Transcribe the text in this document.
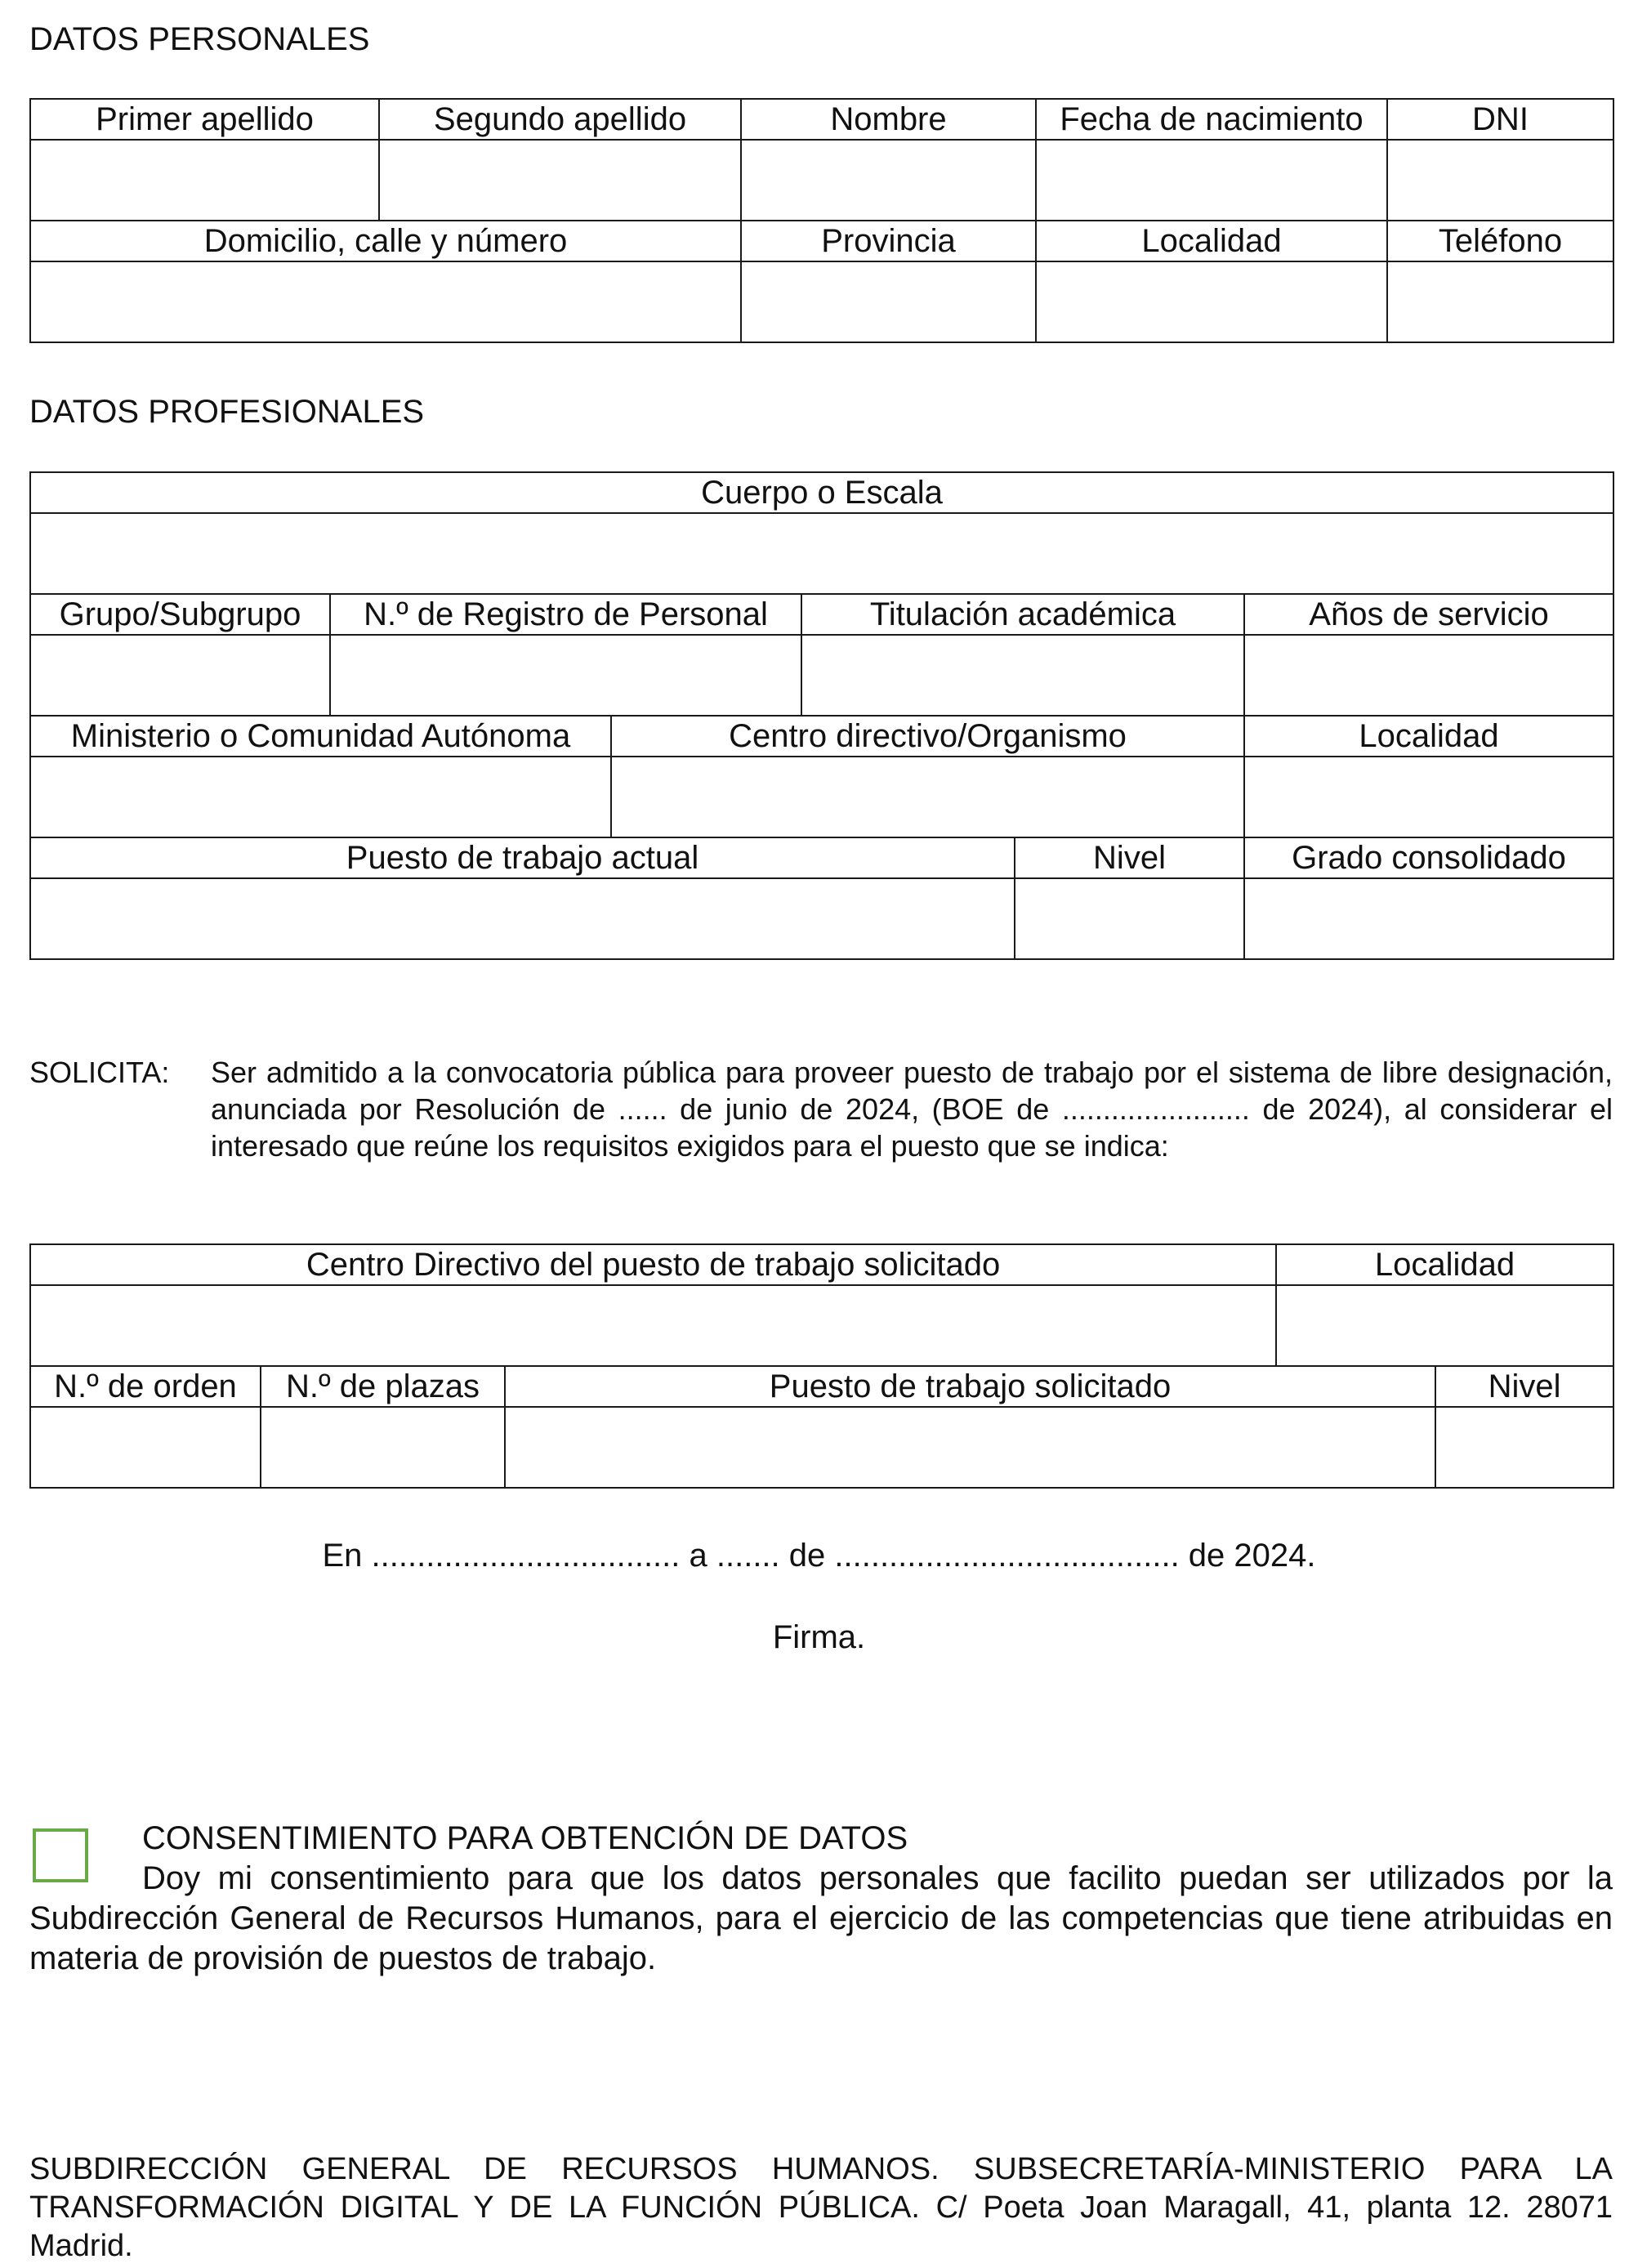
DATOS PERSONALES
Primer apellido	Segundo apellido	Nombre	Fecha de nacimiento	DNI

Domicilio, calle y número		Provincia	Localidad	Teléfono

DATOS PROFESIONALES
Cuerpo o Escala					

Grupo/Subgrupo	N.º de Registro de Personal		Titulación académica		Años de servicio

Ministerio o Comunidad Autónoma		Centro directivo/Organismo			Localidad

Puesto de trabajo actual				Nivel	Grado consolidado

SOLICITA: Ser admitido a la convocatoria pública para proveer puesto de trabajo por el sistema de libre designación, anunciada por Resolución de ...... de junio de 2024, (BOE de ....................... de 2024), al considerar el interesado que reúne los requisitos exigidos para el puesto que se indica:
Centro Directivo del puesto de trabajo solicitado			Localidad	

N.º de orden	N.º de plazas	Puesto de trabajo solicitado		Nivel

En .................................. a ....... de ...................................... de 2024.
Firma.
CONSENTIMIENTO PARA OBTENCIÓN DE DATOS
Doy mi consentimiento para que los datos personales que facilito puedan ser utilizados por la Subdirección General de Recursos Humanos, para el ejercicio de las competencias que tiene atribuidas en materia de provisión de puestos de trabajo.
SUBDIRECCIÓN GENERAL DE RECURSOS HUMANOS. SUBSECRETARÍA-MINISTERIO PARA LA TRANSFORMACIÓN DIGITAL Y DE LA FUNCIÓN PÚBLICA. C/ Poeta Joan Maragall, 41, planta 12. 28071 Madrid.
